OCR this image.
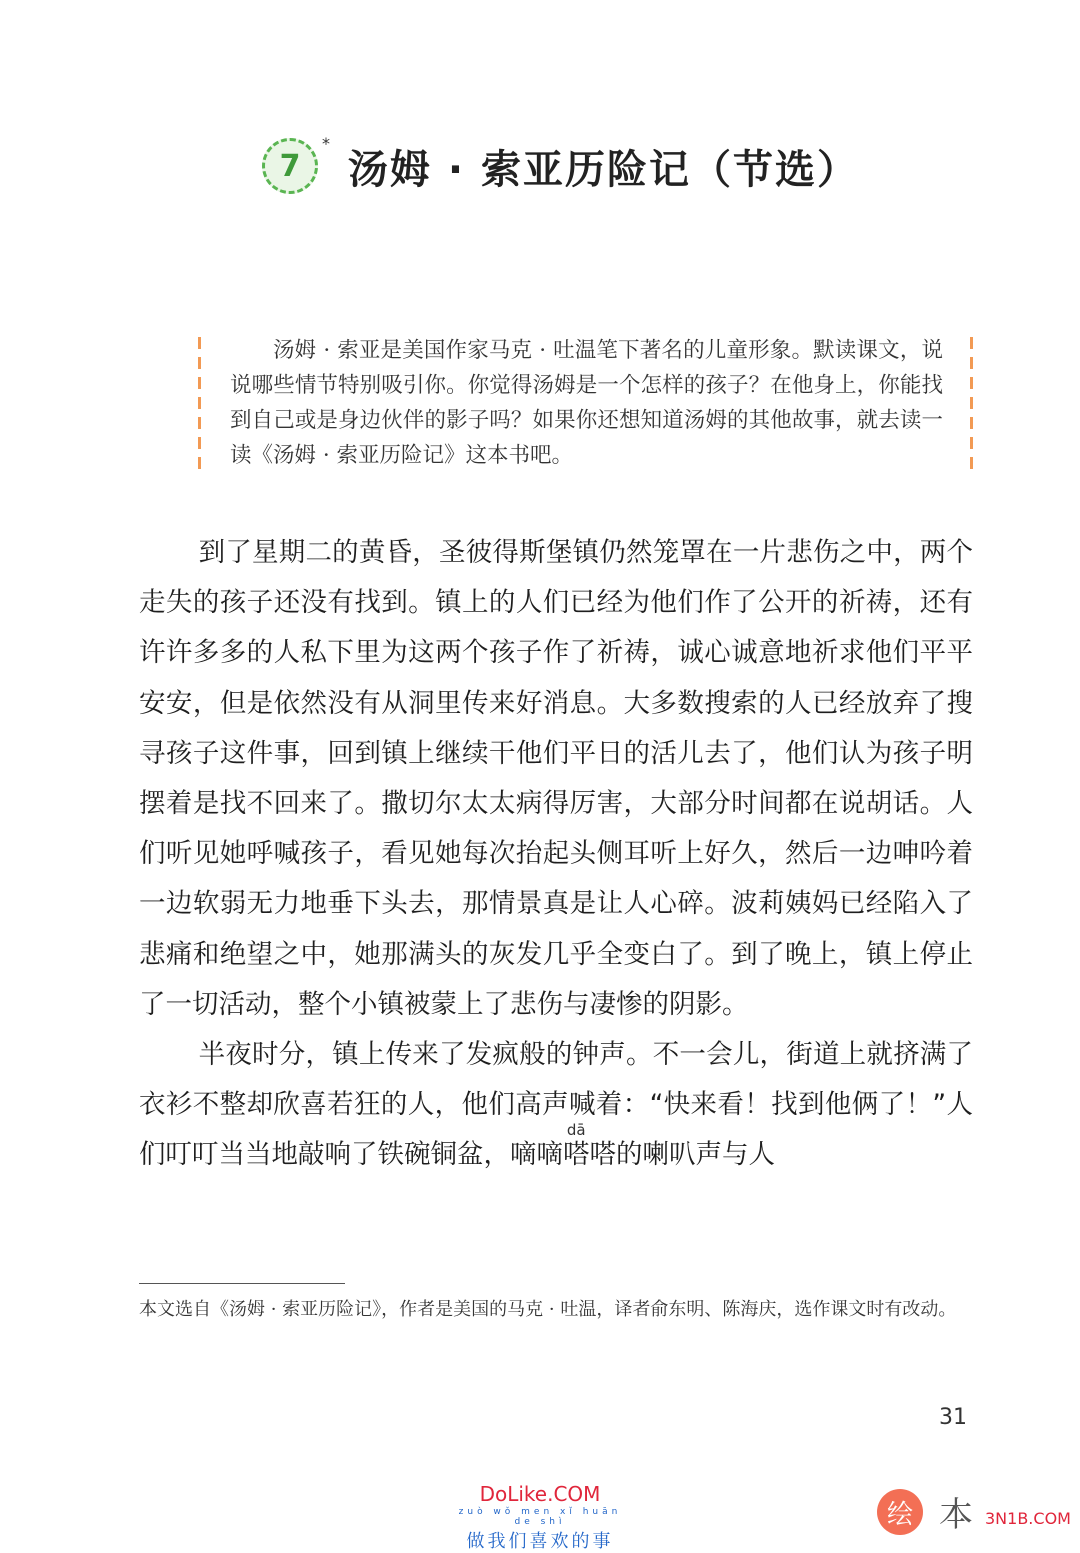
7
*
汤姆 · 索亚历险记（节选）
汤姆 · 索亚是美国作家马克 · 吐温笔下著名的儿童形象。默读课文，说说哪些情节特别吸引你。你觉得汤姆是一个怎样的孩子？在他身上，你能找到自己或是身边伙伴的影子吗？如果你还想知道汤姆的其他故事，就去读一读《汤姆 · 索亚历险记》这本书吧。

到了星期二的黄昏，圣彼得斯堡镇仍然笼罩在一片悲伤之中，两个走失的孩子还没有找到。镇上的人们已经为他们作了公开的祈祷，还有许许多多的人私下里为这两个孩子作了祈祷，诚心诚意地祈求他们平平安安，但是依然没有从洞里传来好消息。大多数搜索的人已经放弃了搜寻孩子这件事，回到镇上继续干他们平日的活儿去了，他们认为孩子明摆着是找不回来了。撒切尔太太病得厉害，大部分时间都在说胡话。人们听见她呼喊孩子，看见她每次抬起头侧耳听上好久，然后一边呻吟着一边软弱无力地垂下头去，那情景真是让人心碎。波莉姨妈已经陷入了悲痛和绝望之中，她那满头的灰发几乎全变白了。到了晚上，镇上停止了一切活动，整个小镇被蒙上了悲伤与凄惨的阴影。

半夜时分，镇上传来了发疯般的钟声。不一会儿，街道上就挤满了衣衫不整却欣喜若狂的人，他们高声喊着：“快来看！找到他俩了！”人们叮叮当当地敲响了铁碗铜盆，嘀嘀嗒dā嗒的喇叭声与人

本文选自《汤姆 · 索亚历险记》，作者是美国的马克 · 吐温，译者俞东明、陈海庆，选作课文时有改动。
31
DoLike.COM
zuò wǒ men xǐ huān de shì
做我们喜欢的事
绘 本 3N1B.COM
